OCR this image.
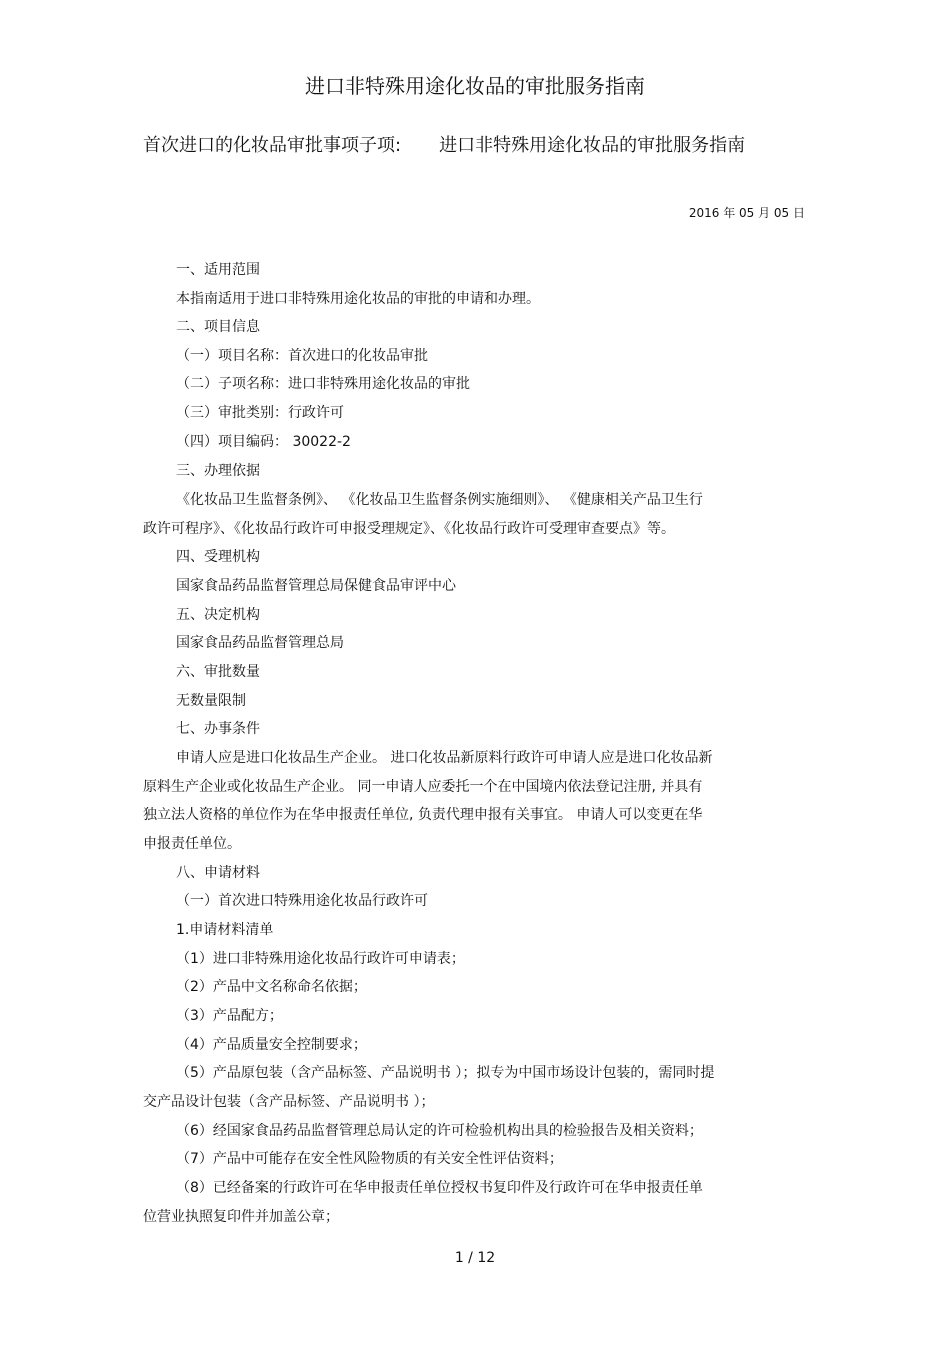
进口非特殊用途化妆品的审批服务指南
首次进口的化妆品审批事项子项: 进口非特殊用途化妆品的审批服务指南
2016 年 05 月 05 日
一、适用范围
本指南适用于进口非特殊用途化妆品的审批的申请和办理。
二、项目信息
（一）项目名称：首次进口的化妆品审批
（二）子项名称：进口非特殊用途化妆品的审批
（三）审批类别：行政许可
（四）项目编码： 30022-2
三、办理依据
《化妆品卫生监督条例》、 《化妆品卫生监督条例实施细则》、 《健康相关产品卫生行
政许可程序》、《化妆品行政许可申报受理规定》、《化妆品行政许可受理审查要点》等。
四、受理机构
国家食品药品监督管理总局保健食品审评中心
五、决定机构
国家食品药品监督管理总局
六、审批数量
无数量限制
七、办事条件
申请人应是进口化妆品生产企业。 进口化妆品新原料行政许可申请人应是进口化妆品新
原料生产企业或化妆品生产企业。 同一申请人应委托一个在中国境内依法登记注册, 并具有
独立法人资格的单位作为在华申报责任单位, 负责代理申报有关事宜。 申请人可以变更在华
申报责任单位。
八、申请材料
（一）首次进口特殊用途化妆品行政许可
1.申请材料清单
（1）进口非特殊用途化妆品行政许可申请表；
（2）产品中文名称命名依据；
（3）产品配方；
（4）产品质量安全控制要求；
（5）产品原包装（含产品标签、产品说明书 ）；拟专为中国市场设计包装的，需同时提
交产品设计包装（含产品标签、产品说明书 ）；
（6）经国家食品药品监督管理总局认定的许可检验机构出具的检验报告及相关资料；
（7）产品中可能存在安全性风险物质的有关安全性评估资料；
（8）已经备案的行政许可在华申报责任单位授权书复印件及行政许可在华申报责任单
位营业执照复印件并加盖公章；
1 / 12
